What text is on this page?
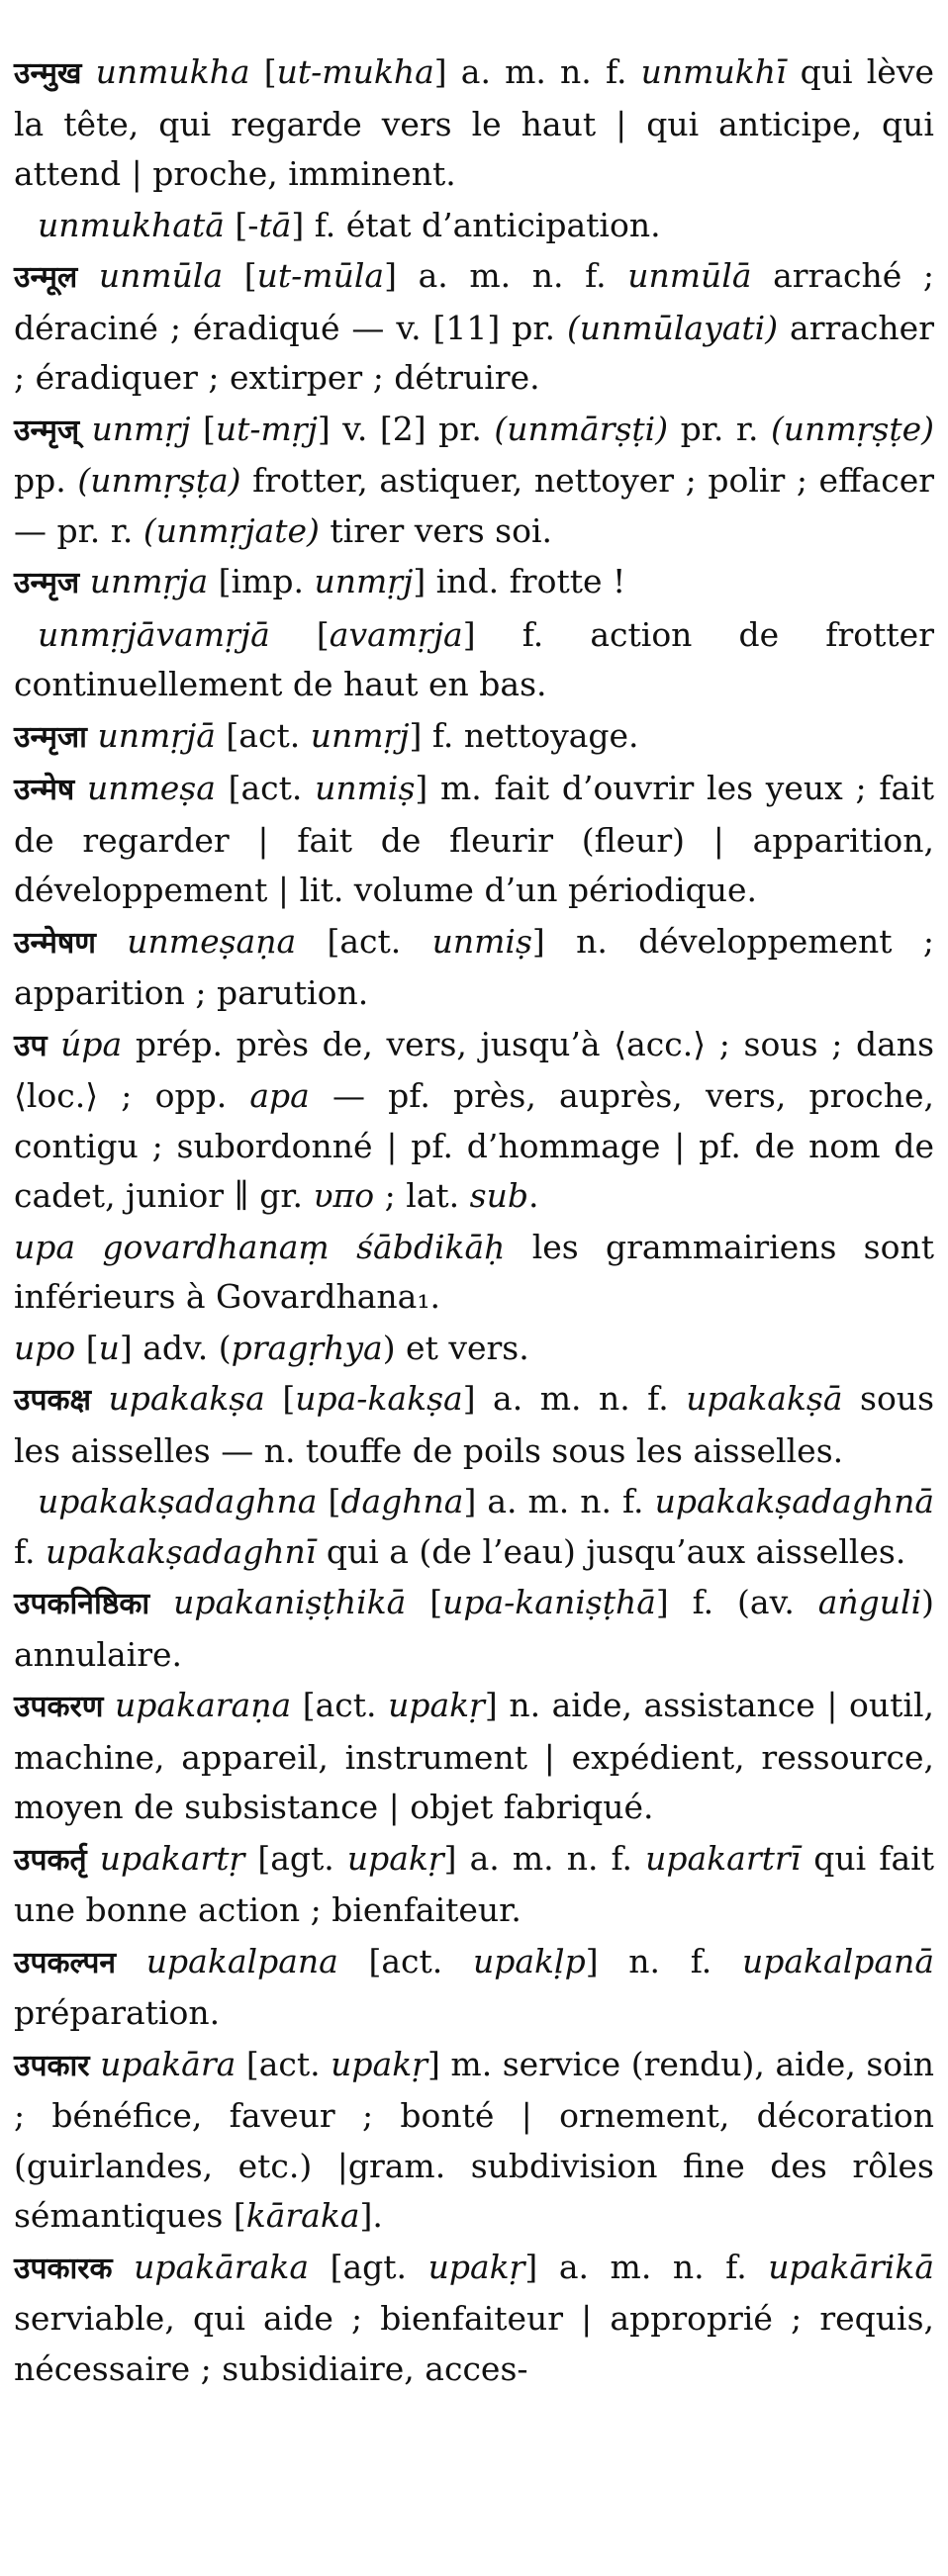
उन्मुख unmukha [ut-mukha] a. m. n. f. unmukhī qui lève la tête, qui regarde vers le haut | qui anticipe, qui attend | proche, imminent.

unmukhatā [-tā] f. état d’anticipation.

उन्मूल unmūla [ut-mūla] a. m. n. f. unmūlā arraché ; déraciné ; éradiqué — v. [11] pr. (unmūlayati) arracher ; éradiquer ; extirper ; détruire.

उन्मृज् unmṛj [ut-mṛj] v. [2] pr. (unmārṣṭi) pr. r. (unmṛṣṭe) pp. (unmṛṣṭa) frotter, astiquer, nettoyer ; polir ; effacer — pr. r. (unmṛjate) tirer vers soi.

उन्मृज unmṛja [imp. unmṛj] ind. frotte !

unmṛjāvamṛjā [avamṛja] f. action de frotter continuellement de haut en bas.

उन्मृजा unmṛjā [act. unmṛj] f. nettoyage.

उन्मेष unmeṣa [act. unmiṣ] m. fait d’ouvrir les yeux ; fait de regarder | fait de fleurir (fleur) | apparition, développement | lit. volume d’un périodique.

उन्मेषण unmeṣaṇa [act. unmiṣ] n. développement ; apparition ; parution.

उप úpa prép. près de, vers, jusqu’à ⟨acc.⟩ ; sous ; dans ⟨loc.⟩ ; opp. apa — pf. près, auprès, vers, proche, contigu ; subordonné | pf. d’hommage | pf. de nom de cadet, junior ∥ gr. υπο ; lat. sub.

upa govardhanaṃ śābdikāḥ les grammairiens sont inférieurs à Govardhana₁.

upo [u] adv. (pragṛhya) et vers.

उपकक्ष upakakṣa [upa-kakṣa] a. m. n. f. upakakṣā sous les aisselles — n. touffe de poils sous les aisselles.

upakakṣadaghna [daghna] a. m. n. f. upakakṣadaghnā f. upakakṣadaghnī qui a (de l’eau) jusqu’aux aisselles.

उपकनिष्ठिका upakaniṣṭhikā [upa-kaniṣṭhā] f. (av. aṅguli) annulaire.

उपकरण upakaraṇa [act. upakṛ] n. aide, assistance | outil, machine, appareil, instrument | expédient, ressource, moyen de subsistance | objet fabriqué.

उपकर्तृ upakartṛ [agt. upakṛ] a. m. n. f. upakartrī qui fait une bonne action ; bienfaiteur.

उपकल्पन upakalpana [act. upakḷp] n. f. upakalpanā préparation.

उपकार upakāra [act. upakṛ] m. service (rendu), aide, soin ; bénéfice, faveur ; bonté | ornement, décoration (guirlandes, etc.) |gram. subdivision fine des rôles sémantiques [kāraka].

उपकारक upakāraka [agt. upakṛ] a. m. n. f. upakārikā serviable, qui aide ; bienfaiteur | approprié ; requis, nécessaire ; subsidiaire, acces-
